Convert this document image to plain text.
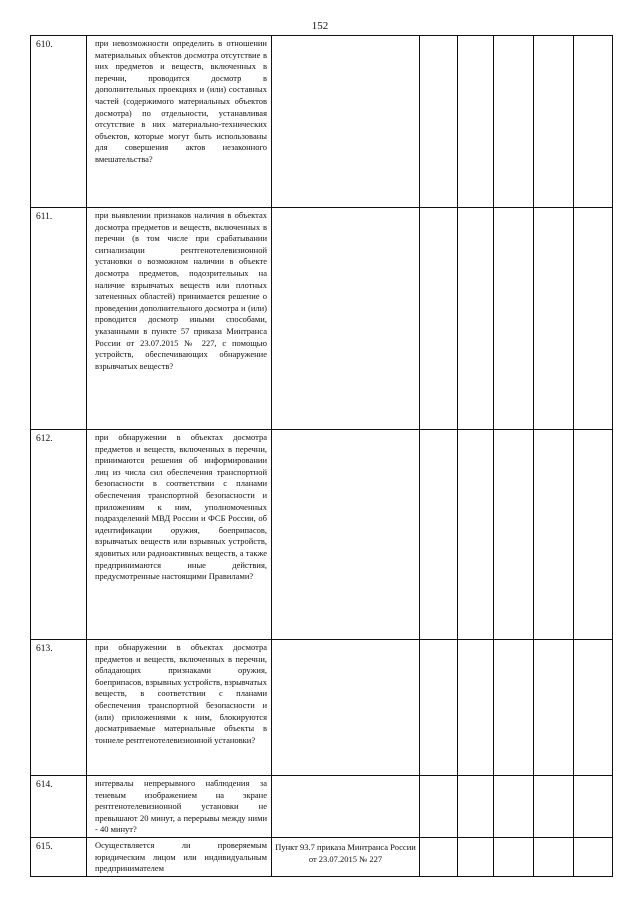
152
610.	при невозможности определить в отношении материальных объектов досмотра отсутствие в них предметов и веществ, включенных в перечни, проводится досмотр в дополнительных проекциях и (или) составных частей (содержимого материальных объектов досмотра) по отдельности, устанавливая отсутствие в них материально-технических объектов, которые могут быть использованы для совершения актов незаконного вмешательства?						
611.	при выявлении признаков наличия в объектах досмотра предметов и веществ, включенных в перечни (в том числе при срабатывании сигнализации рентгенотелевизионной установки о возможном наличии в объекте досмотра предметов, подозрительных на наличие взрывчатых веществ или плотных затененных областей) принимается решение о проведении дополнительного досмотра и (или) проводится досмотр иными способами, указанными в пункте 57 приказа Минтранса России от 23.07.2015 № 227, с помощью устройств, обеспечивающих обнаружение взрывчатых веществ?						
612.	при обнаружении в объектах досмотра предметов и веществ, включенных в перечни, принимаются решения об информировании лиц из числа сил обеспечения транспортной безопасности в соответствии с планами обеспечения транспортной безопасности и приложениям к ним, уполномоченных подразделений МВД России и ФСБ России, об идентификации оружия, боеприпасов, взрывчатых веществ или взрывных устройств, ядовитых или радиоактивных веществ, а также предпринимаются иные действия, предусмотренные настоящими Правилами?						
613.	при обнаружении в объектах досмотра предметов и веществ, включенных в перечни, обладающих признаками оружия, боеприпасов, взрывных устройств, взрывчатых веществ, в соответствии с планами обеспечения транспортной безопасности и (или) приложениями к ним, блокируются досматриваемые материальные объекты в тоннеле рентгенотелевизионной установки?						
614.	интервалы непрерывного наблюдения за теневым изображением на экране рентгенотелевизионной установки не превышают 20 минут, а перерывы между ними - 40 минут?						
615.	Осуществляется ли проверяемым юридическим лицом или индивидуальным предпринимателем	Пункт 93.7 приказа Минтранса России от 23.07.2015 № 227					
